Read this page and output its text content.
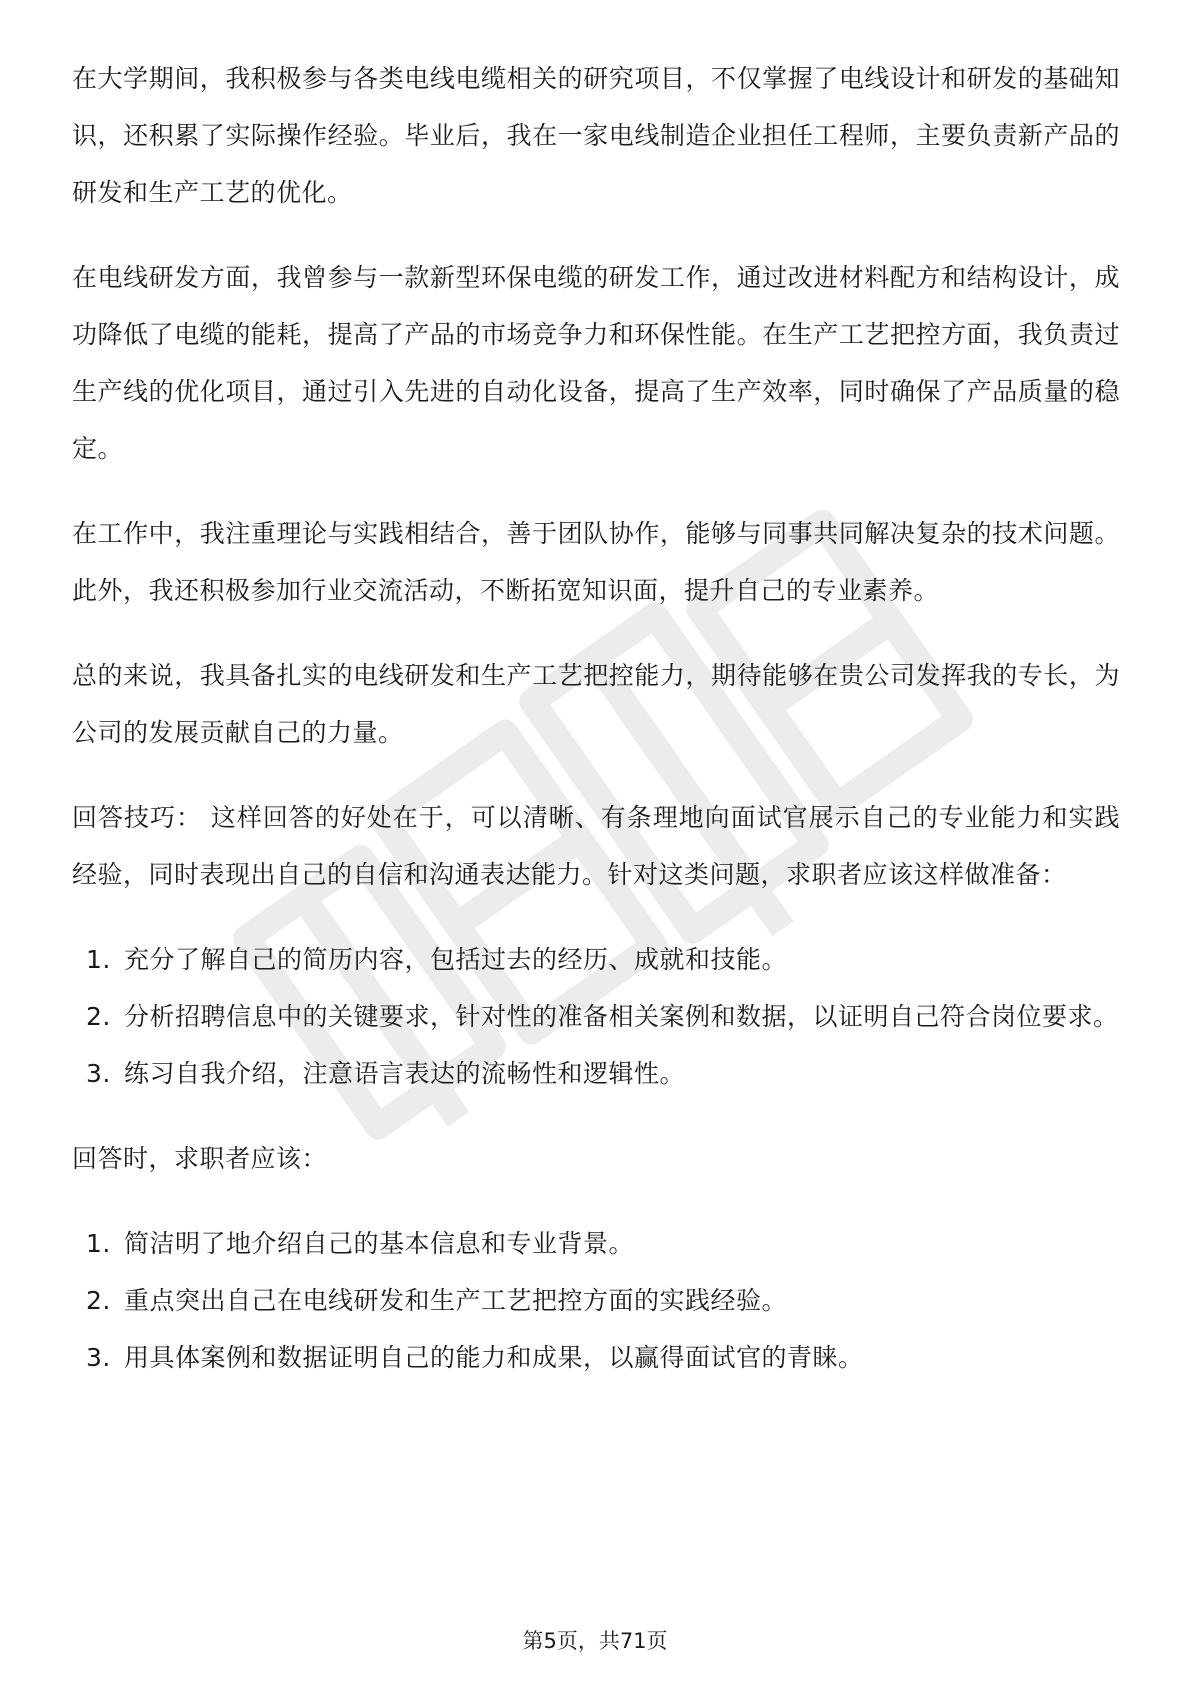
在大学期间，我积极参与各类电线电缆相关的研究项目，不仅掌握了电线设计和研发的基础知识，还积累了实际操作经验。毕业后，我在一家电线制造企业担任工程师，主要负责新产品的研发和生产工艺的优化。

在电线研发方面，我曾参与一款新型环保电缆的研发工作，通过改进材料配方和结构设计，成功降低了电缆的能耗，提高了产品的市场竞争力和环保性能。在生产工艺把控方面，我负责过生产线的优化项目，通过引入先进的自动化设备，提高了生产效率，同时确保了产品质量的稳定。

在工作中，我注重理论与实践相结合，善于团队协作，能够与同事共同解决复杂的技术问题。此外，我还积极参加行业交流活动，不断拓宽知识面，提升自己的专业素养。

总的来说，我具备扎实的电线研发和生产工艺把控能力，期待能够在贵公司发挥我的专长，为公司的发展贡献自己的力量。

回答技巧： 这样回答的好处在于，可以清晰、有条理地向面试官展示自己的专业能力和实践经验，同时表现出自己的自信和沟通表达能力。针对这类问题，求职者应该这样做准备：

1. 充分了解自己的简历内容，包括过去的经历、成就和技能。
2. 分析招聘信息中的关键要求，针对性的准备相关案例和数据，以证明自己符合岗位要求。
3. 练习自我介绍，注意语言表达的流畅性和逻辑性。

回答时，求职者应该：

1. 简洁明了地介绍自己的基本信息和专业背景。
2. 重点突出自己在电线研发和生产工艺把控方面的实践经验。
3. 用具体案例和数据证明自己的能力和成果，以赢得面试官的青睐。
第5页，共71页
